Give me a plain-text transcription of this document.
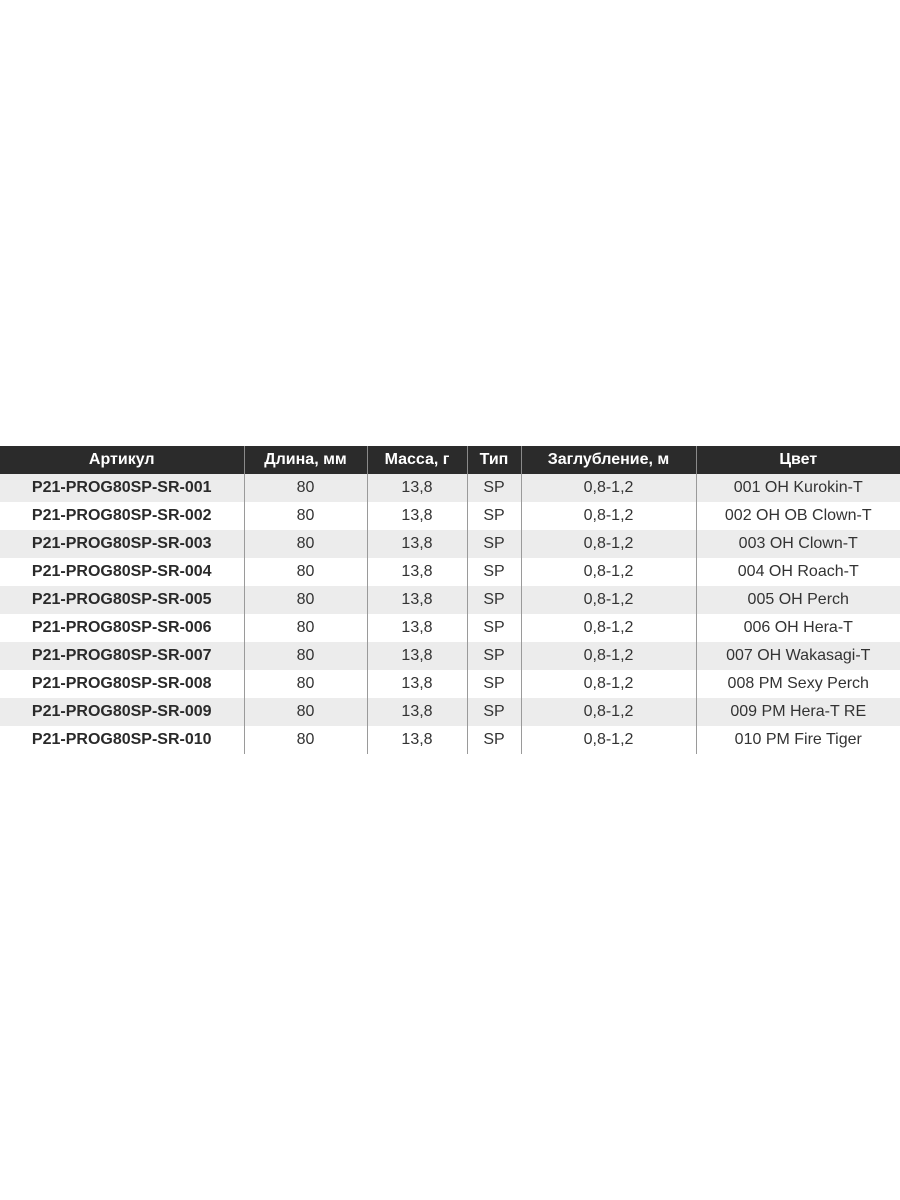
Артикул	Длина, мм	Масса, г	Тип	Заглубление, м	Цвет
P21-PROG80SP-SR-001	80	13,8	SP	0,8-1,2	001 OH Kurokin-T
P21-PROG80SP-SR-002	80	13,8	SP	0,8-1,2	002 OH OB Clown-T
P21-PROG80SP-SR-003	80	13,8	SP	0,8-1,2	003 OH Clown-T
P21-PROG80SP-SR-004	80	13,8	SP	0,8-1,2	004 OH Roach-T
P21-PROG80SP-SR-005	80	13,8	SP	0,8-1,2	005 OH Perch
P21-PROG80SP-SR-006	80	13,8	SP	0,8-1,2	006 OH Hera-T
P21-PROG80SP-SR-007	80	13,8	SP	0,8-1,2	007 OH Wakasagi-T
P21-PROG80SP-SR-008	80	13,8	SP	0,8-1,2	008 PM Sexy Perch
P21-PROG80SP-SR-009	80	13,8	SP	0,8-1,2	009 PM Hera-T RE
P21-PROG80SP-SR-010	80	13,8	SP	0,8-1,2	010 PM Fire Tiger
